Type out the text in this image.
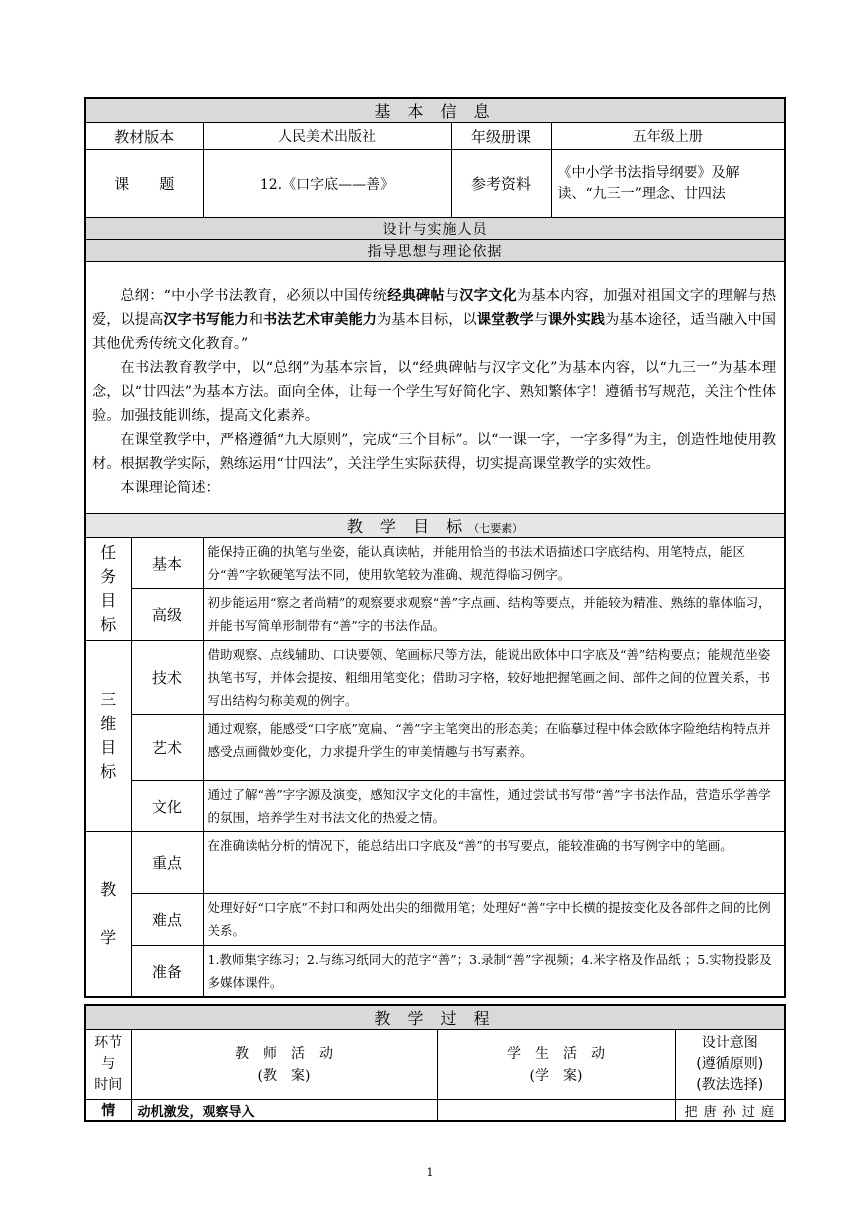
基 本 信 息				
教材版本		人民美术出版社	年级册课	五年级上册
课　　题		12.《口字底——善》	参考资料	《中小学书法指导纲要》及解读、“九三一”理念、廿四法
设计与实施人员				
指导思想与理论依据				

总纲：“中小学书法教育，必须以中国传统经典碑帖与汉字文化为基本内容，加强对祖国文字的理解与热爱，以提高汉字书写能力和书法艺术审美能力为基本目标，以课堂教学与课外实践为基本途径，适当融入中国其他优秀传统文化教育。”

在书法教育教学中，以“总纲”为基本宗旨，以“经典碑帖与汉字文化”为基本内容，以“九三一”为基本理念，以“廿四法”为基本方法。面向全体，让每一个学生写好简化字、熟知繁体字！遵循书写规范，关注个性体验。加强技能训练，提高文化素养。

在课堂教学中，严格遵循“九大原则”，完成“三个目标”。以“一课一字，一字多得”为主，创造性地使用教材。根据教学实际，熟练运用“廿四法”，关注学生实际获得，切实提高课堂教学的实效性。

本课理论简述：				

教 学 目 标（七要素）				

任
务
目
标	基本	能保持正确的执笔与坐姿，能认真读帖，并能用恰当的书法术语描述口字底结构、用笔特点，能区分“善”字软硬笔写法不同，使用软笔较为准确、规范得临习例字。		
	高级	初步能运用“察之者尚精”的观察要求观察“善”字点画、结构等要点，并能较为精准、熟练的靠体临习，并能书写简单形制带有“善”字的书法作品。		

三
维
目
标	技术	借助观察、点线辅助、口诀要领、笔画标尺等方法，能说出欧体中口字底及“善”结构要点；能规范坐姿执笔书写，并体会提按、粗细用笔变化；借助习字格，较好地把握笔画之间、部件之间的位置关系，书写出结构匀称美观的例字。		
	艺术	通过观察，能感受“口字底”宽扁、“善”字主笔突出的形态美；在临摹过程中体会欧体字险绝结构特点并感受点画微妙变化，力求提升学生的审美情趣与书写素养。		
	文化	通过了解“善”字字源及演变，感知汉字文化的丰富性，通过尝试书写带“善”字书法作品，营造乐学善学的氛围，培养学生对书法文化的热爱之情。		

教
学	重点	在准确读帖分析的情况下，能总结出口字底及“善”的书写要点，能较准确的书写例字中的笔画。		
	难点	处理好好“口字底”不封口和两处出尖的细微用笔；处理好“善”字中长横的提按变化及各部件之间的比例关系。		
	准备	1.教师集字练习；2.与练习纸同大的范字“善”；3.录制“善”字视频；4.米字格及作品纸 ；5.实物投影及多媒体课件。		
教 学 过 程			

环节
与
时间	教　师　活　动
(教　案)	学　生　活　动
(学　案)	设计意图
(遵循原则)
(教法选择)

情	动机激发，观察导入		把 唐 孙 过 庭
1
